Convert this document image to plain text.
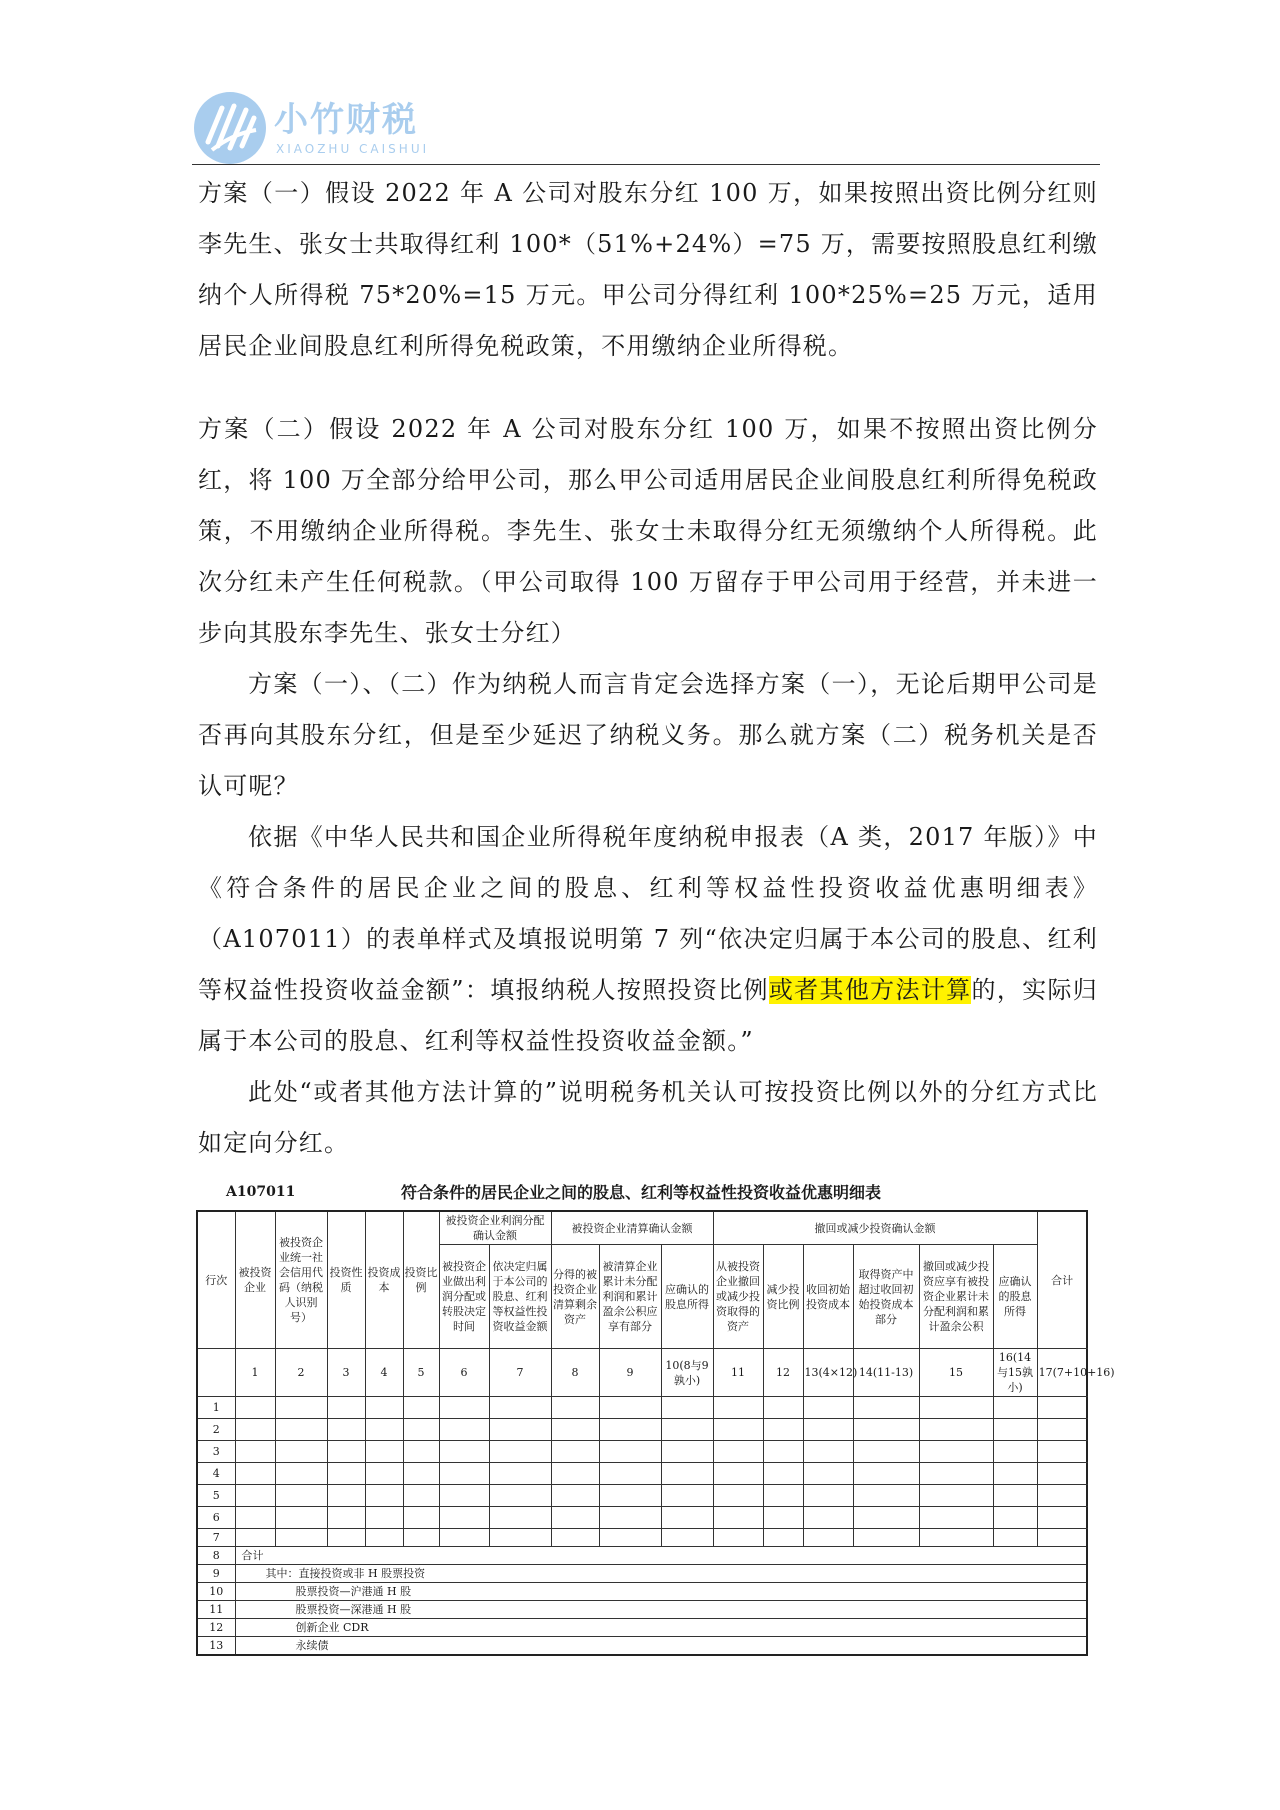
小竹财税
XIAOZHU CAISHUI

方案（一）假设 2022 年 A 公司对股东分红 100 万，如果按照出资比例分红则李先生、张女士共取得红利 100*（51%+24%）=75 万，需要按照股息红利缴纳个人所得税 75*20%=15 万元。甲公司分得红利 100*25%=25 万元，适用居民企业间股息红利所得免税政策，不用缴纳企业所得税。

方案（二）假设 2022 年 A 公司对股东分红 100 万，如果不按照出资比例分红，将 100 万全部分给甲公司，那么甲公司适用居民企业间股息红利所得免税政策，不用缴纳企业所得税。李先生、张女士未取得分红无须缴纳个人所得税。此次分红未产生任何税款。（甲公司取得 100 万留存于甲公司用于经营，并未进一步向其股东李先生、张女士分红）

方案（一）、（二）作为纳税人而言肯定会选择方案（一），无论后期甲公司是否再向其股东分红，但是至少延迟了纳税义务。那么就方案（二）税务机关是否认可呢？

依据《中华人民共和国企业所得税年度纳税申报表（A 类，2017 年版）》中《符合条件的居民企业之间的股息、红利等权益性投资收益优惠明细表》（A107011）的表单样式及填报说明第 7 列“依决定归属于本公司的股息、红利等权益性投资收益金额”：填报纳税人按照投资比例或者其他方法计算的，实际归属于本公司的股息、红利等权益性投资收益金额。”

此处“或者其他方法计算的”说明税务机关认可按投资比例以外的分红方式比如定向分红。

符合条件的居民企业之间的股息、红利等权益性投资收益优惠明细表
A107011
行次	被投资企业	被投资企业统一社会信用代码（纳税人识别号）	投资性质	投资成本	投资比例	被投资企业利润分配确认金额		被投资企业清算确认金额			撤回或减少投资确认金额						合计
						被投资企业做出利润分配或转股决定时间	依决定归属于本公司的股息、红利等权益性投资收益金额	分得的被投资企业清算剩余资产	被清算企业累计未分配利润和累计盈余公积应享有部分	应确认的股息所得	从被投资企业撤回或减少投资取得的资产	减少投资比例	收回初始投资成本	取得资产中超过收回初始投资成本部分	撤回或减少投资应享有被投资企业累计未分配利润和累计盈余公积	应确认的股息所得	
	1	2	3	4	5	6	7	8	9	10(8与9孰小)	11	12	13(4×12)	14(11-13)	15	16(14与15孰小)	17(7+10+16)
1																	
2																	
3																	
4																	
5																	
6																	
7																	
8	合计																
9	其中：直接投资或非 H 股票投资																
10	股票投资—沪港通 H 股																
11	股票投资—深港通 H 股																
12	创新企业 CDR																
13	永续债																
